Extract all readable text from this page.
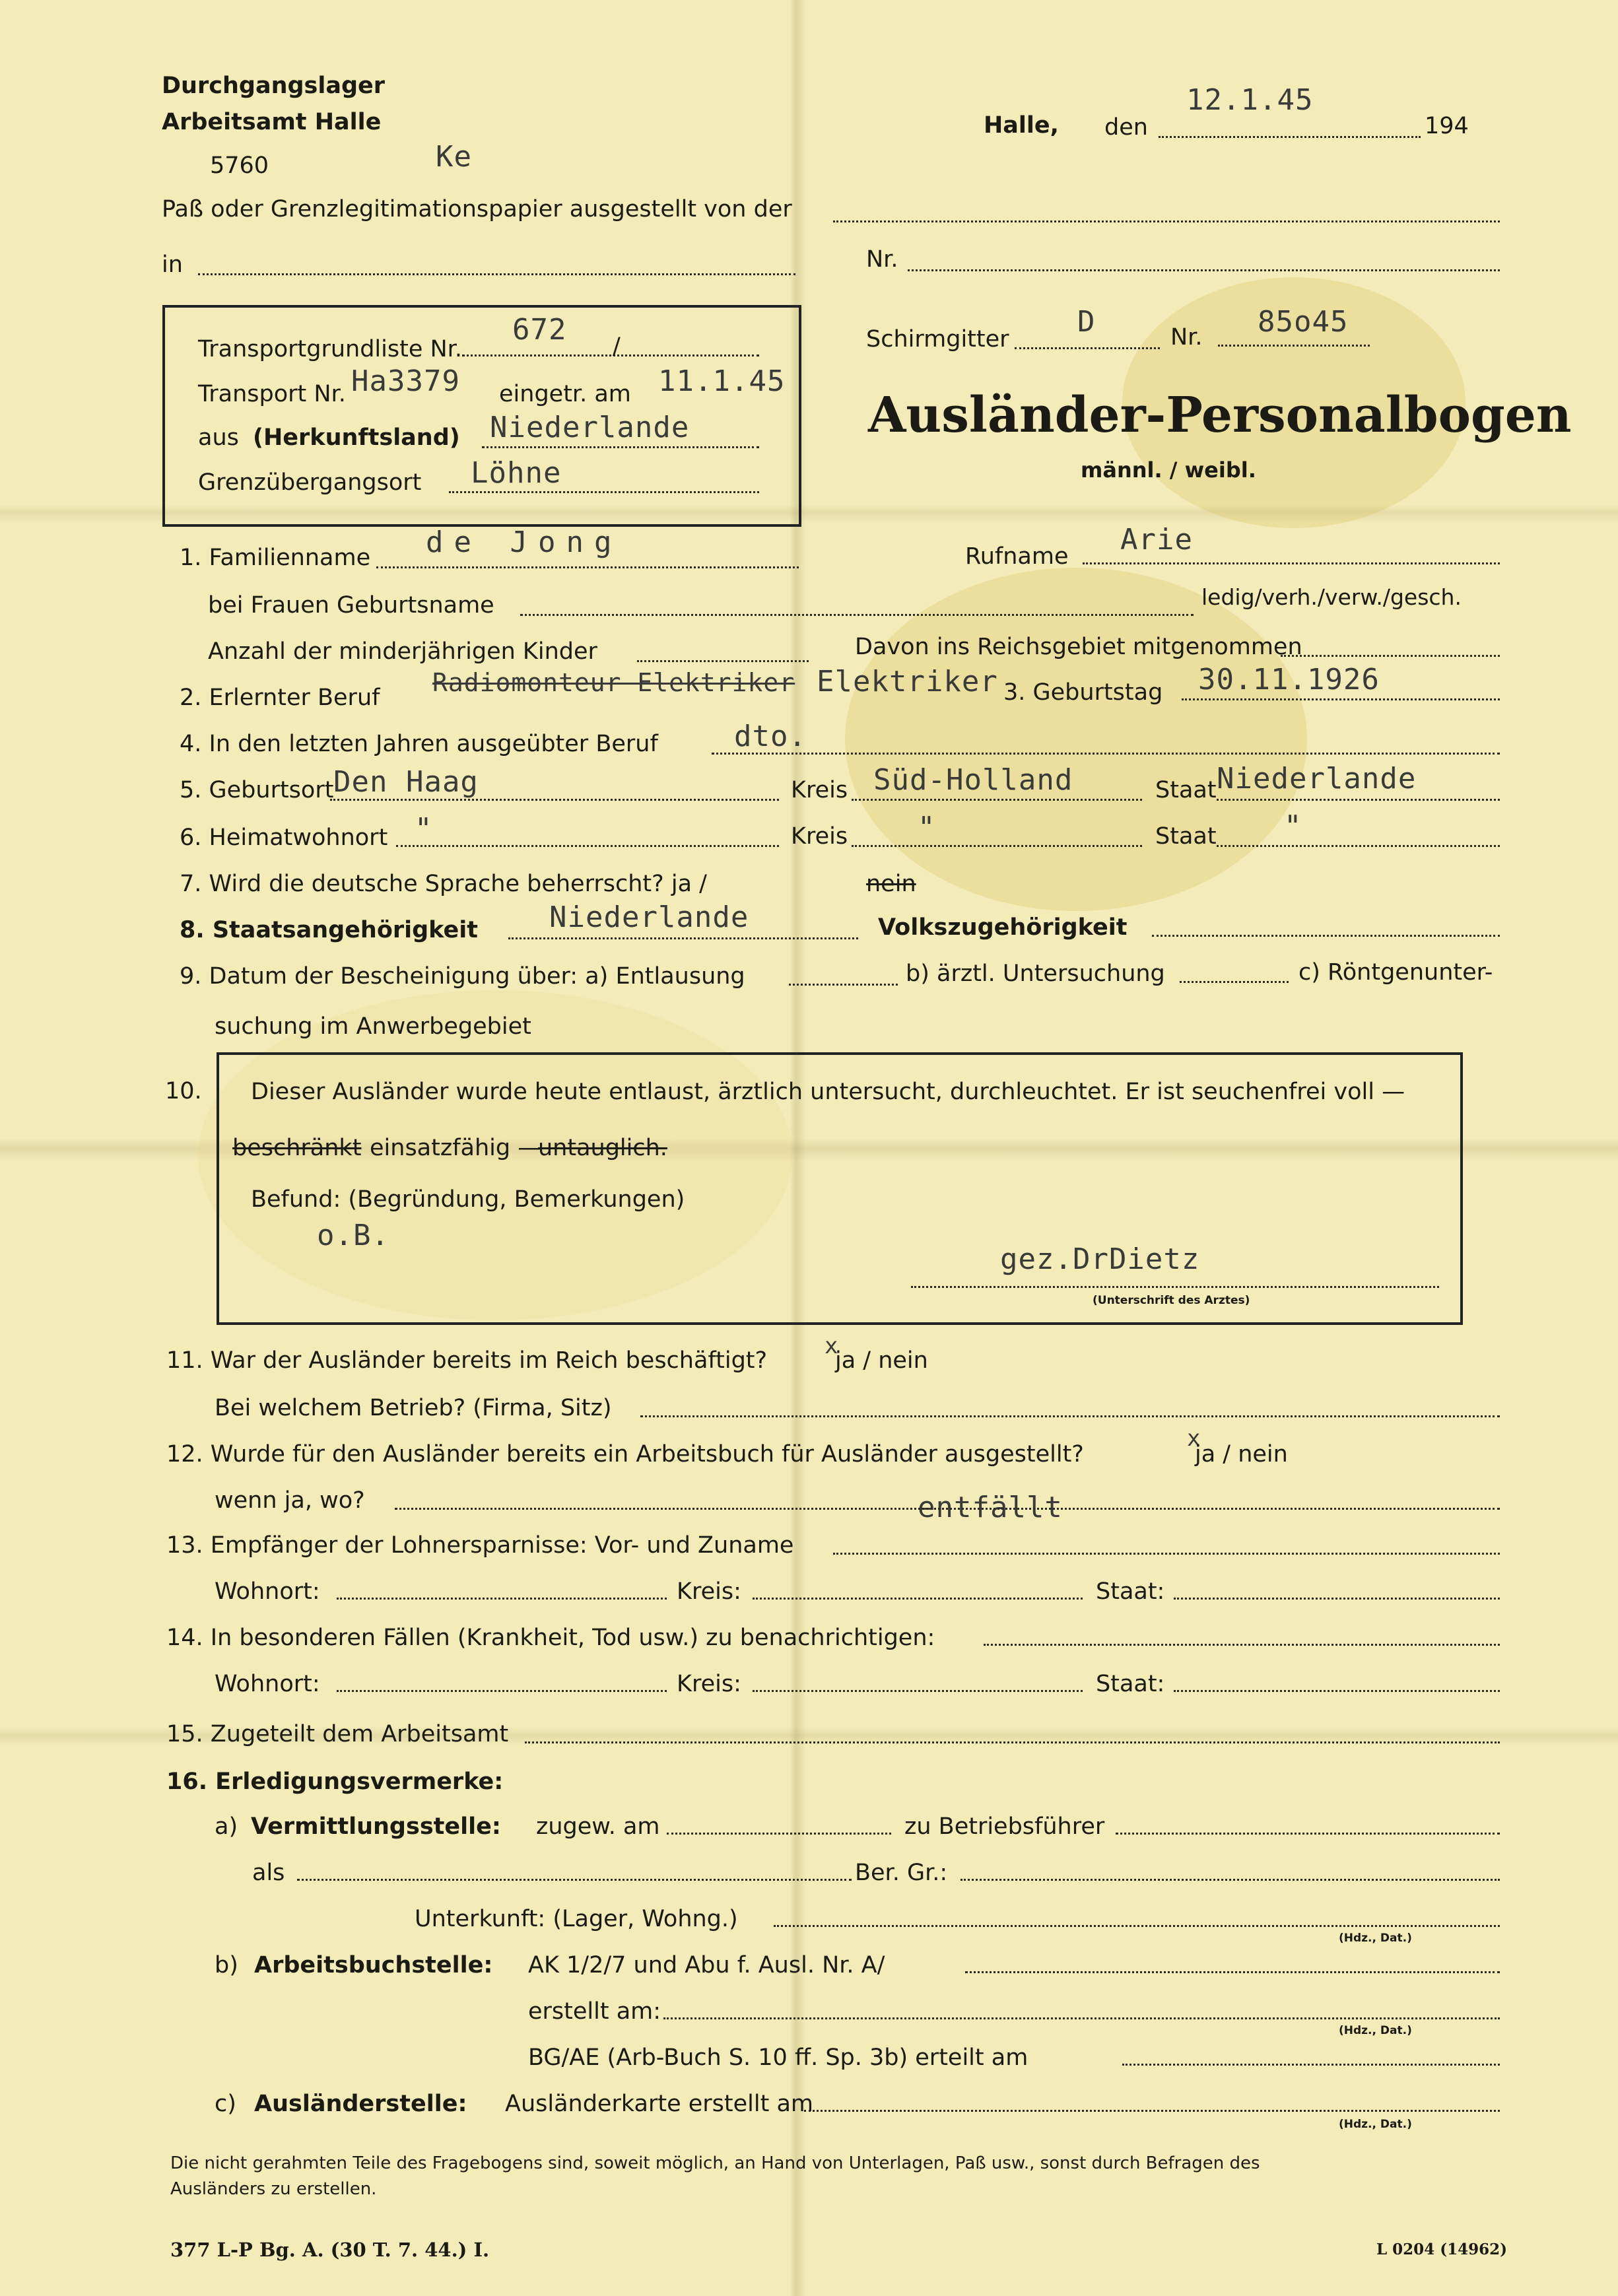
Durchgangslager
Arbeitsamt Halle
5760	Ke
Halle, den
12.1.45
194
Paß oder Grenzlegitimationspapier ausgestellt von der
in	Nr.
Transportgrundliste Nr.
672 /
Transport Nr. Ha3379 eingetr. am 11.1.45
aus (Herkunftsland) Niederlande
Grenzübergangsort Löhne
Schirmgitter
D	Nr. 85o45
Ausländer-Personalbogen
männl. / weibl.
1. Familienname de Jong	Rufname Arie
bei Frauen Geburtsname	ledig/verh./verw./gesch.
Anzahl der minderjährigen Kinder	Davon ins Reichsgebiet mitgenommen
2. Erlernter Beruf
Radiomonteur Elektriker Elektriker 3. Geburtstag 30.11.1926
4. In den letzten Jahren ausgeübter Beruf	dto.
5. Geburtsort Den Haag	Kreis Süd-Holland	Staat Niederlande
6. Heimatwohnort "	Kreis "	Staat "
7. Wird die deutsche Sprache beherrscht? ja /	nein
8. Staatsangehörigkeit Niederlande	Volkszugehörigkeit
9. Datum der Bescheinigung über: a) Entlausung	b) ärztl. Untersuchung	c) Röntgenunter-
suchung im Anwerbegebiet
10. Dieser Ausländer wurde heute entlaust, ärztlich untersucht, durchleuchtet. Er ist seuchenfrei voll —
beschränkt einsatzfähig —
untauglich.
Befund: (Begründung, Bemerkungen)
o.B.
gez.DrDietz
(Unterschrift des Arztes)
11. War der Ausländer bereits im Reich beschäftigt?
x
ja / nein
Bei welchem Betrieb? (Firma, Sitz)
12. Wurde für den Ausländer bereits ein Arbeitsbuch für Ausländer ausgestellt?
x
ja / nein
wenn ja, wo?	entfällt
13. Empfänger der Lohnersparnisse: Vor- und Zuname
Wohnort:	Kreis:	Staat:
14. In besonderen Fällen (Krankheit, Tod usw.) zu benachrichtigen:
Wohnort:	Kreis:	Staat:
15. Zugeteilt dem Arbeitsamt
16. Erledigungsvermerke:
a) Vermittlungsstelle: zugew. am	zu Betriebsführer
als	Ber. Gr.:
Unterkunft: (Lager, Wohng.)
(Hdz., Dat.)
b) Arbeitsbuchstelle: AK 1/2/7 und Abu f. Ausl. Nr. A/
erstellt am:
(Hdz., Dat.)
BG/AE (Arb-Buch S. 10 ff. Sp. 3b) erteilt am
c) Ausländerstelle: Ausländerkarte erstellt am
(Hdz., Dat.)
Die nicht gerahmten Teile des Fragebogens sind, soweit möglich, an Hand von Unterlagen, Paß usw., sonst durch Befragen des
Ausländers zu erstellen.
377 L-P Bg. A. (30 T. 7. 44.) I.	L 0204 (14962)
